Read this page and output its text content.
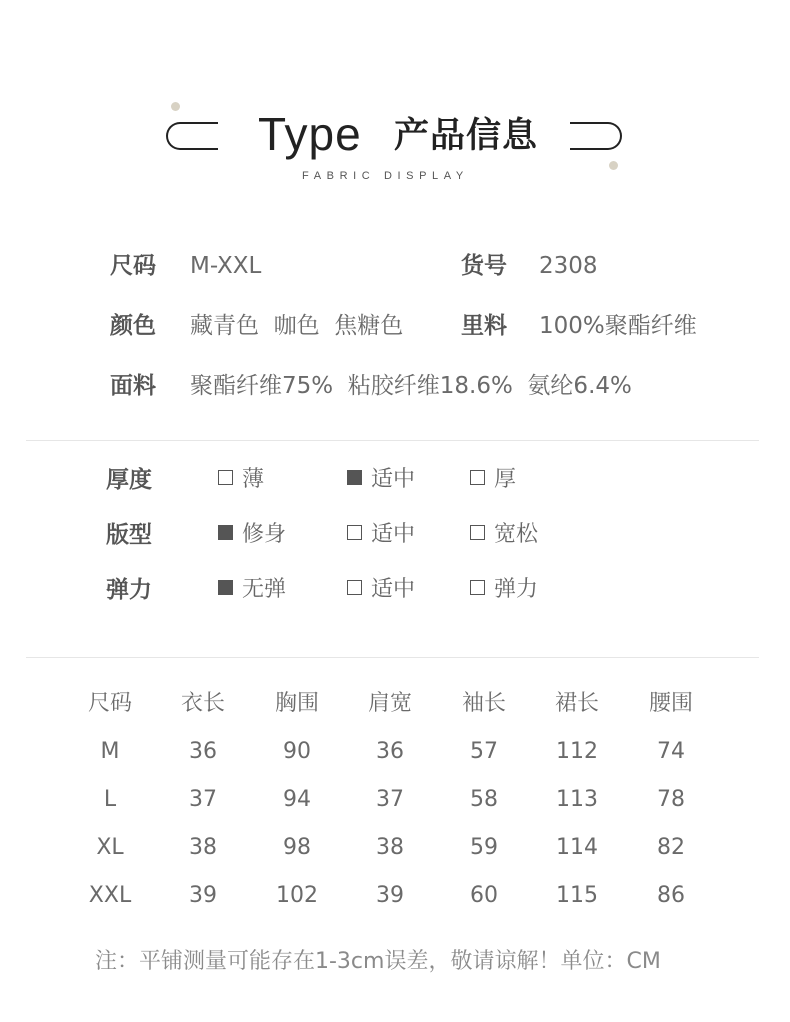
Type 产品信息
FABRIC DISPLAY
尺码 M-XXL	货号 2308
颜色 藏青色  咖色  焦糖色	里料 100%聚酯纤维
面料 聚酯纤维75%  粘胶纤维18.6%  氨纶6.4%
厚度	薄	适中	厚
版型	修身	适中	宽松
弹力	无弹	适中	弹力
尺码	衣长	胸围	肩宽	袖长	裙长	腰围
M	36	90	36	57	112	74
L	37	94	37	58	113	78
XL	38	98	38	59	114	82
XXL	39	102	39	60	115	86
注：平铺测量可能存在1-3cm误差，敬请谅解！单位：CM
